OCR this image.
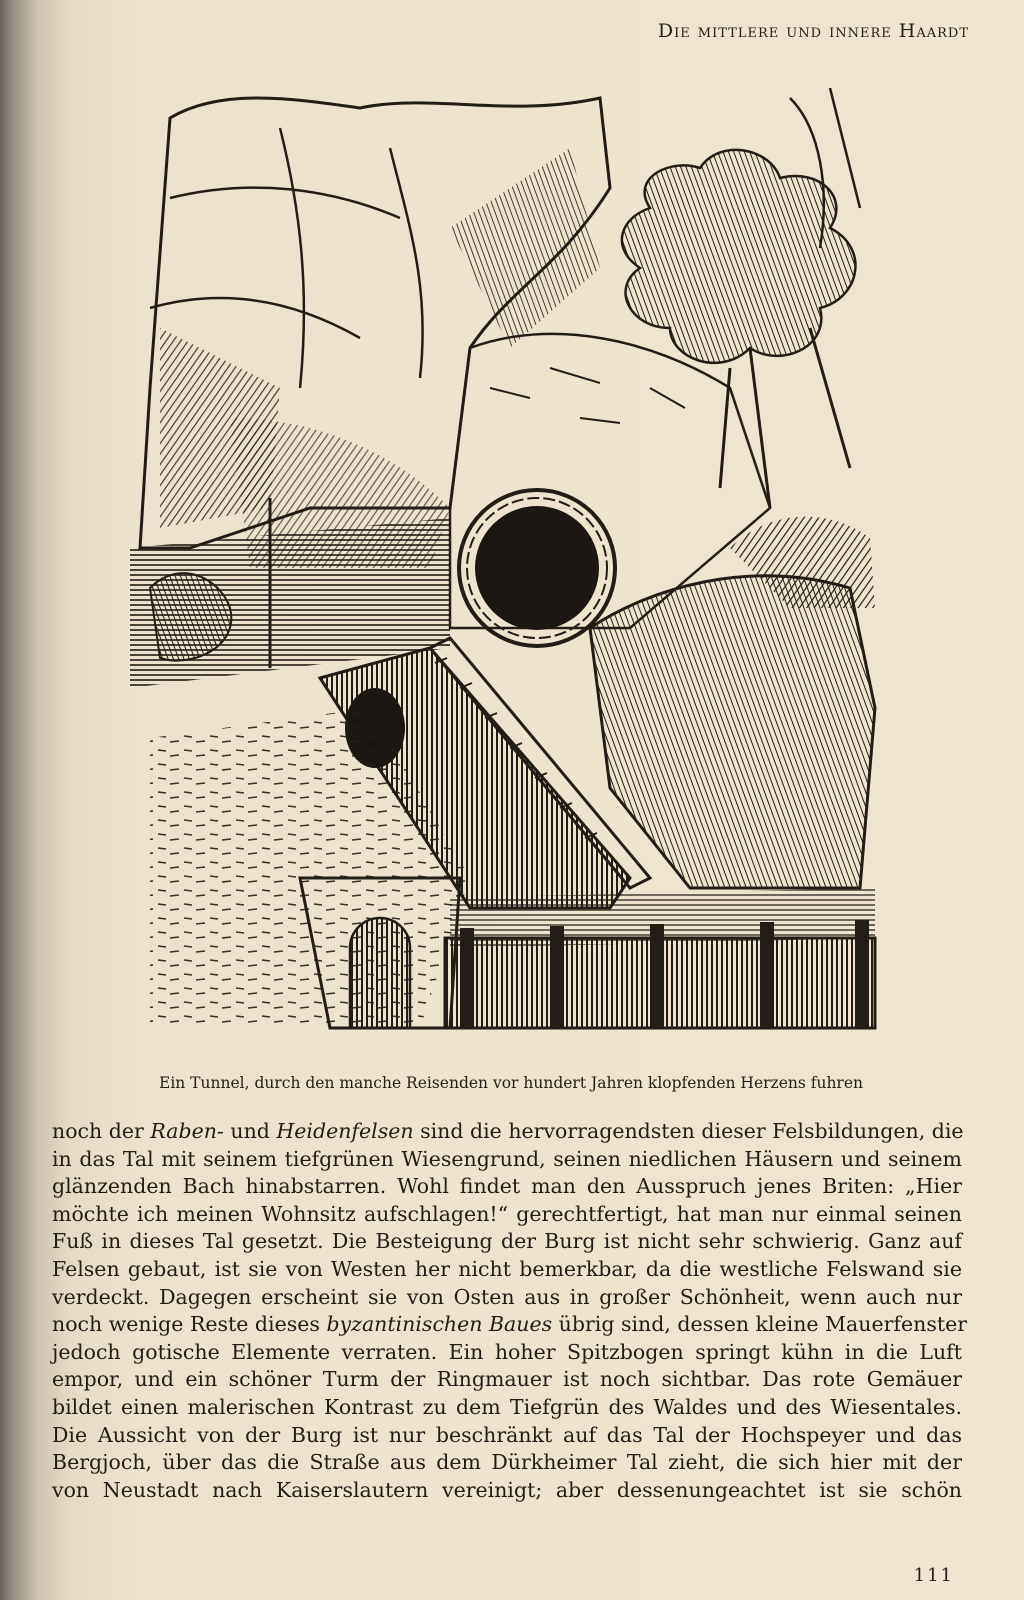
Die mittlere und innere Haardt
Ein Tunnel, durch den manche Reisenden vor hundert Jahren klopfenden Herzens fuhren
noch der Raben- und Heidenfelsen sind die hervorragendsten dieser Felsbildungen, die
in das Tal mit seinem tiefgrünen Wiesengrund, seinen niedlichen Häusern und seinem
glänzenden Bach hinabstarren. Wohl findet man den Ausspruch jenes Briten: „Hier
möchte ich meinen Wohnsitz aufschlagen!“ gerechtfertigt, hat man nur einmal seinen
Fuß in dieses Tal gesetzt. Die Besteigung der Burg ist nicht sehr schwierig. Ganz auf
Felsen gebaut, ist sie von Westen her nicht bemerkbar, da die westliche Felswand sie
verdeckt. Dagegen erscheint sie von Osten aus in großer Schönheit, wenn auch nur
noch wenige Reste dieses byzantinischen Baues übrig sind, dessen kleine Mauerfenster
jedoch gotische Elemente verraten. Ein hoher Spitzbogen springt kühn in die Luft
empor, und ein schöner Turm der Ringmauer ist noch sichtbar. Das rote Gemäuer
bildet einen malerischen Kontrast zu dem Tiefgrün des Waldes und des Wiesentales.
Die Aussicht von der Burg ist nur beschränkt auf das Tal der Hochspeyer und das
Bergjoch, über das die Straße aus dem Dürkheimer Tal zieht, die sich hier mit der
von Neustadt nach Kaiserslautern vereinigt; aber dessenungeachtet ist sie schön
111
